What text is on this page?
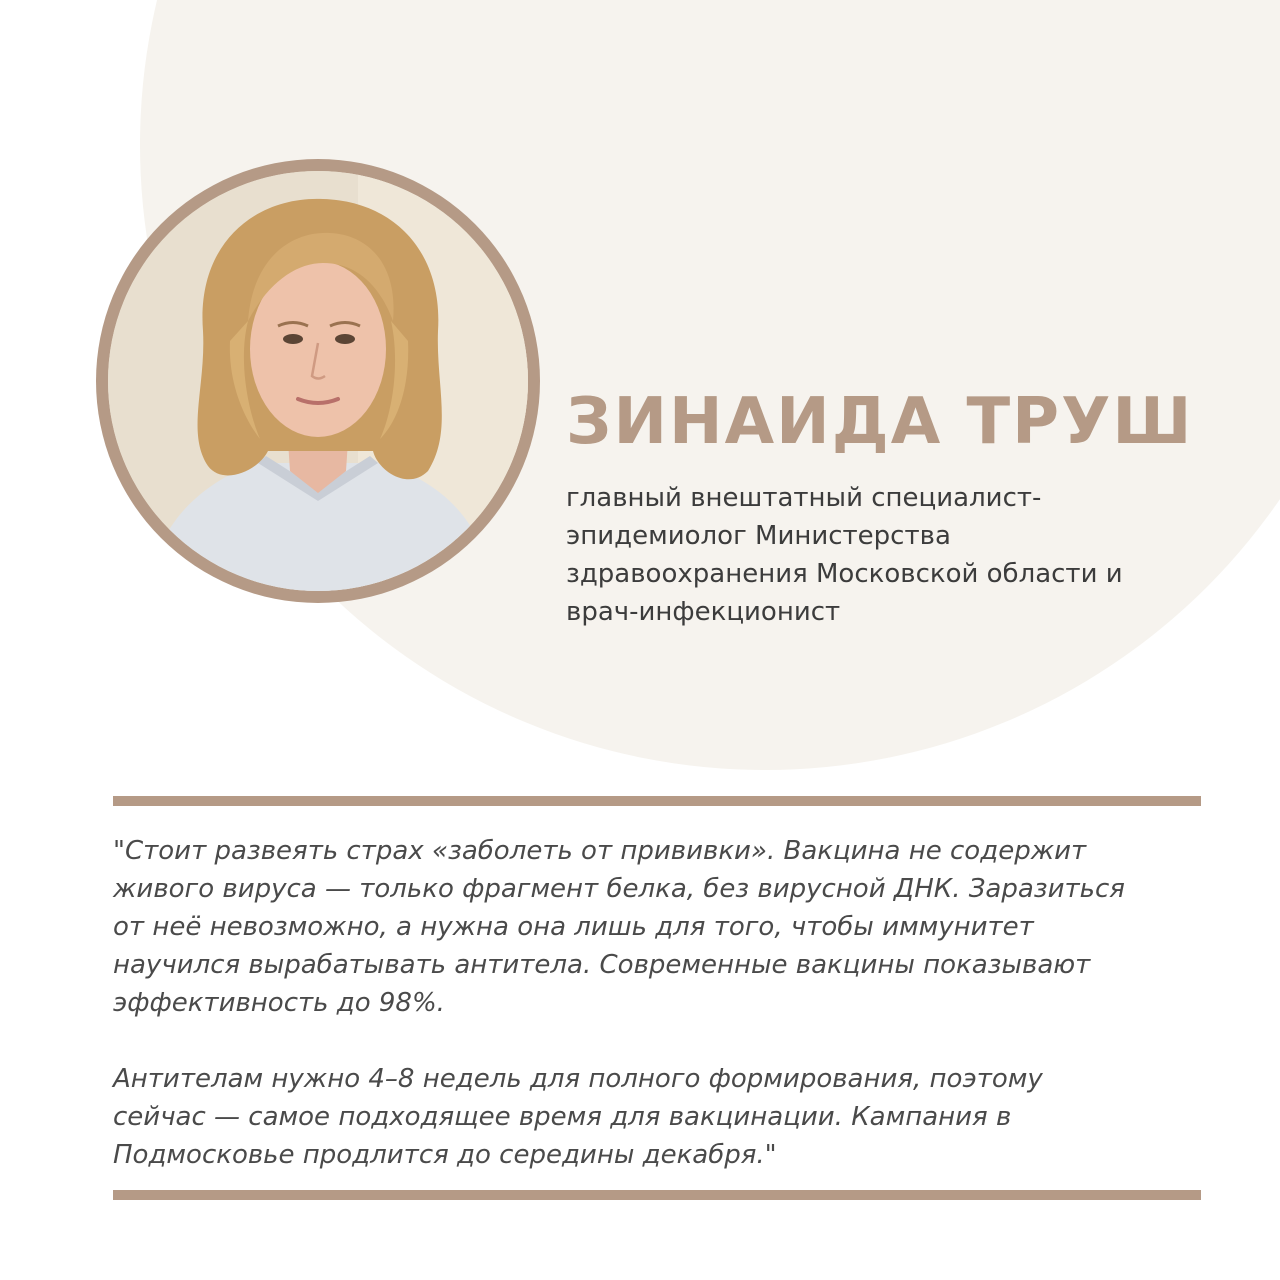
ЗИНАИДА ТРУШ

главный внештатный специалист-
эпидемиолог Министерства
здравоохранения Московской области и
врач-инфекционист

"Стоит развеять страх «заболеть от прививки». Вакцина не содержит
живого вируса — только фрагмент белка, без вирусной ДНК. Заразиться
от неё невозможно, а нужна она лишь для того, чтобы иммунитет
научился вырабатывать антитела. Современные вакцины показывают
эффективность до 98%.

Антителам нужно 4–8 недель для полного формирования, поэтому
сейчас — самое подходящее время для вакцинации. Кампания в
Подмосковье продлится до середины декабря."
